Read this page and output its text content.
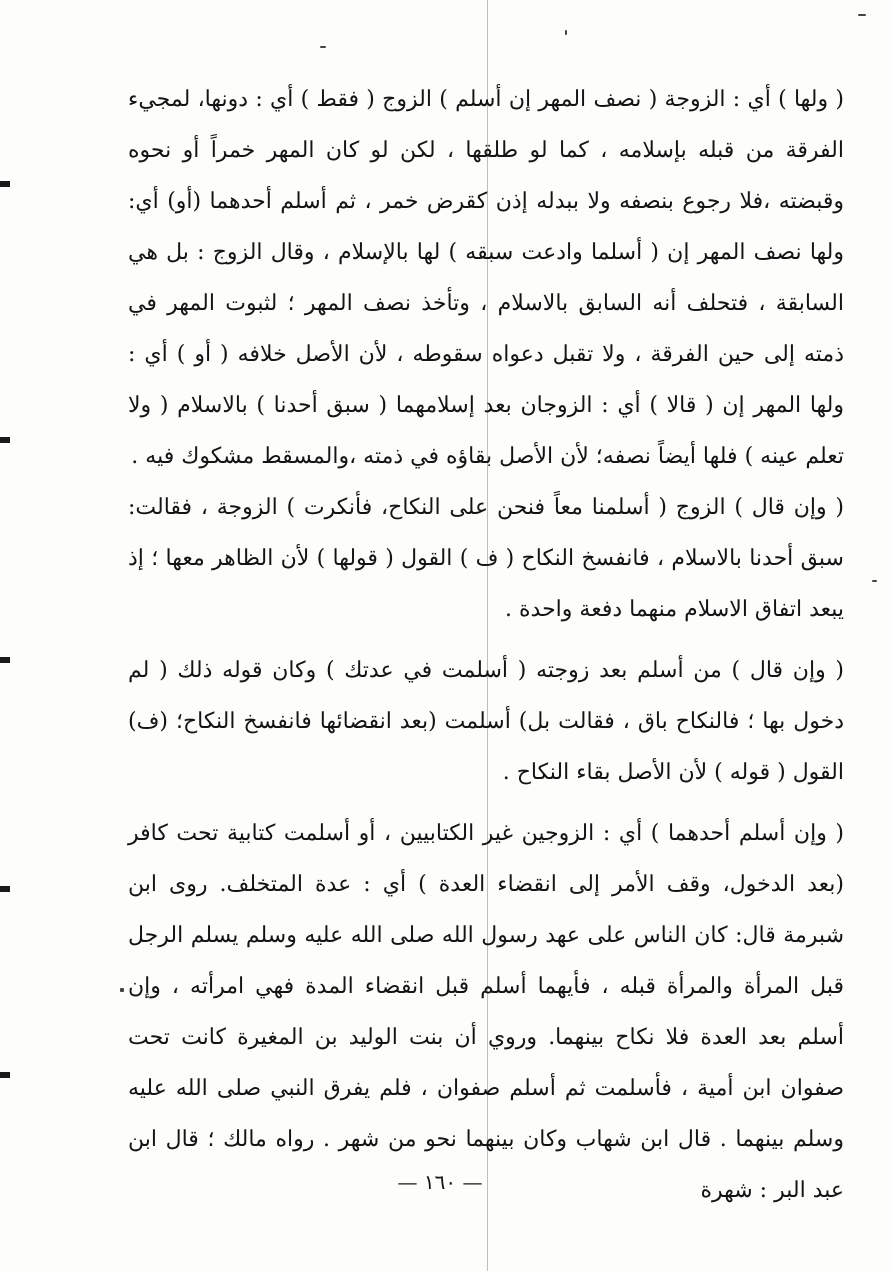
( ولها ) أي : الزوجة ( نصف المهر إن أسلم ) الزوج ( فقط ) أي : دونها، لمجيء الفرقة من قبله بإسلامه ، كما لو طلقها ، لكن لو كان المهر خمراً أو نحوه وقبضته ،فلا رجوع بنصفه ولا ببدله إذن كقرض خمر ، ثم أسلم أحدهما (أو) أي: ولها نصف المهر إن ( أسلما وادعت سبقه ) لها بالإسلام ، وقال الزوج : بل هي السابقة ، فتحلف أنه السابق بالاسلام ، وتأخذ نصف المهر ؛ لثبوت المهر في ذمته إلى حين الفرقة ، ولا تقبل دعواه سقوطه ، لأن الأصل خلافه ( أو ) أي : ولها المهر إن ( قالا ) أي : الزوجان بعد إسلامهما ( سبق أحدنا ) بالاسلام ( ولا تعلم عينه ) فلها أيضاً نصفه؛ لأن الأصل بقاؤه في ذمته ،والمسقط مشكوك فيه .

( وإن قال ) الزوج ( أسلمنا معاً فنحن على النكاح، فأنكرت ) الزوجة ، فقالت: سبق أحدنا بالاسلام ، فانفسخ النكاح ( ف ) القول ( قولها ) لأن الظاهر معها ؛ إذ يبعد اتفاق الاسلام منهما دفعة واحدة .

( وإن قال ) من أسلم بعد زوجته ( أسلمت في عدتك ) وكان قوله ذلك ( لم دخول بها ؛ فالنكاح باق ، فقالت بل) أسلمت (بعد انقضائها فانفسخ النكاح؛ (ف) القول ( قوله ) لأن الأصل بقاء النكاح .

( وإن أسلم أحدهما ) أي : الزوجين غير الكتابيين ، أو أسلمت كتابية تحت كافر (بعد الدخول، وقف الأمر إلى انقضاء العدة ) أي : عدة المتخلف. روى ابن شبرمة قال: كان الناس على عهد رسول الله صلى الله عليه وسلم يسلم الرجل قبل المرأة والمرأة قبله ، فأيهما أسلم قبل انقضاء المدة فهي امرأته ، وإن أسلم بعد العدة فلا نكاح بينهما. وروي أن بنت الوليد بن المغيرة كانت تحت صفوان ابن أمية ، فأسلمت ثم أسلم صفوان ، فلم يفرق النبي صلى الله عليه وسلم بينهما . قال ابن شهاب وكان بينهما نحو من شهر . رواه مالك ؛ قال ابن عبد البر : شهرة

— ١٦٠ —
